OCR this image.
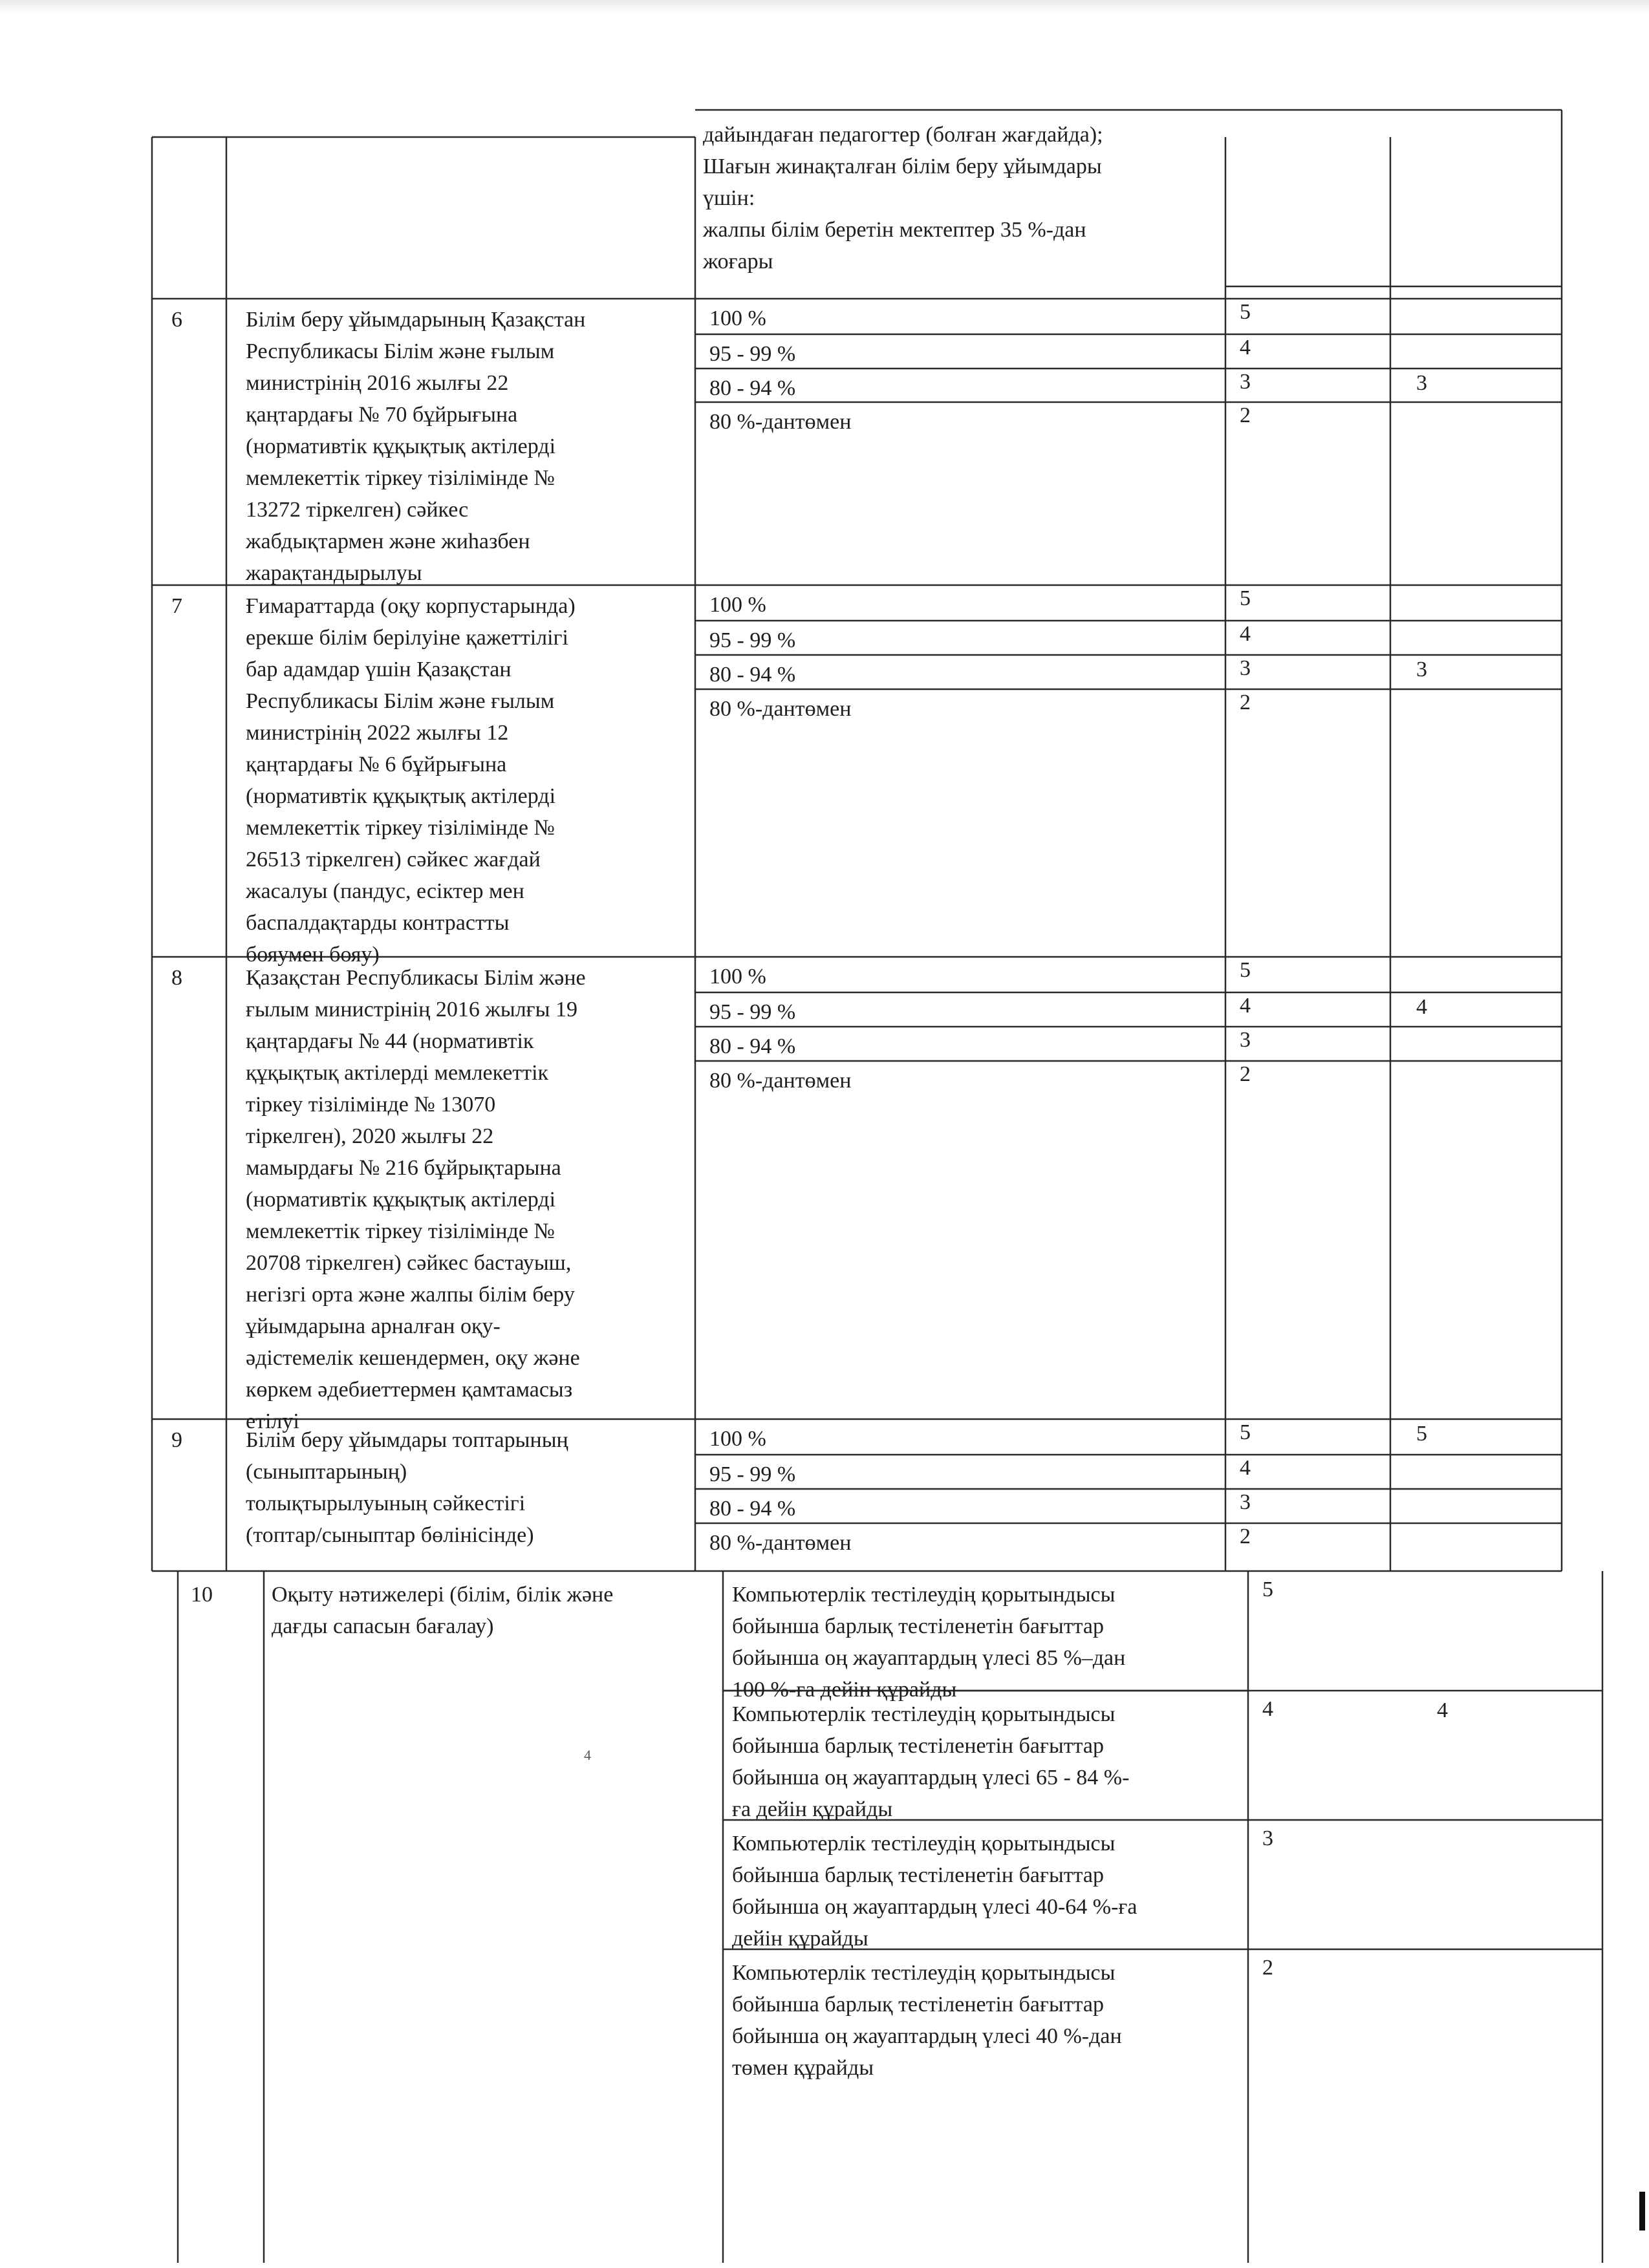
4
дайындаған педагогтер (болған жағдайда);
Шағын жинақталған білім беру ұйымдары
үшін:
жалпы білім беретін мектептер 35 %-дан
жоғары
6	Білім беру ұйымдарының Қазақстан
Республикасы Білім және ғылым
министрінің 2016 жылғы 22
қаңтардағы № 70 бұйрығына
(нормативтік құқықтық актілерді
мемлекеттік тіркеу тізілімінде №
13272 тіркелген) сәйкес
жабдықтармен және жиһазбен
жарақтандырылуы
100 %	5
95 - 99 %	4
80 - 94 %	3	3
80 %-дантөмен	2
7	Ғимараттарда (оқу корпустарында)
ерекше білім берілуіне қажеттілігі
бар адамдар үшін Қазақстан
Республикасы Білім және ғылым
министрінің 2022 жылғы 12
қаңтардағы № 6 бұйрығына
(нормативтік құқықтық актілерді
мемлекеттік тіркеу тізілімінде №
26513 тіркелген) сәйкес жағдай
жасалуы (пандус, есіктер мен
баспалдақтарды контрастты
бояумен бояу)
100 %	5
95 - 99 %	4
80 - 94 %	3	3
80 %-дантөмен	2
8	Қазақстан Республикасы Білім және
ғылым министрінің 2016 жылғы 19
қаңтардағы № 44 (нормативтік
құқықтық актілерді мемлекеттік
тіркеу тізілімінде № 13070
тіркелген), 2020 жылғы 22
мамырдағы № 216 бұйрықтарына
(нормативтік құқықтық актілерді
мемлекеттік тіркеу тізілімінде №
20708 тіркелген) сәйкес бастауыш,
негізгі орта және жалпы білім беру
ұйымдарына арналған оқу-
әдістемелік кешендермен, оқу және
көркем әдебиеттермен қамтамасыз
етілуі
100 %	5
95 - 99 %	4	4
80 - 94 %	3
80 %-дантөмен	2
9	Білім беру ұйымдары топтарының
(сыныптарының)
толықтырылуының сәйкестігі
(топтар/сыныптар бөлінісінде)
100 %	5	5
95 - 99 %	4
80 - 94 %	3
80 %-дантөмен	2
10	Оқыту нәтижелері (білім, білік және
дағды сапасын бағалау)
Компьютерлік тестілеудің қорытындысы
бойынша барлық тестіленетін бағыттар
бойынша оң жауаптардың үлесі 85 %–дан
100 %-ға дейін құрайды
5
Компьютерлік тестілеудің қорытындысы
бойынша барлық тестіленетін бағыттар
бойынша оң жауаптардың үлесі 65 - 84 %-
ға дейін құрайды
4	4
Компьютерлік тестілеудің қорытындысы
бойынша барлық тестіленетін бағыттар
бойынша оң жауаптардың үлесі 40-64 %-ға
дейін құрайды
3
Компьютерлік тестілеудің қорытындысы
бойынша барлық тестіленетін бағыттар
бойынша оң жауаптардың үлесі 40 %-дан
төмен құрайды
2
